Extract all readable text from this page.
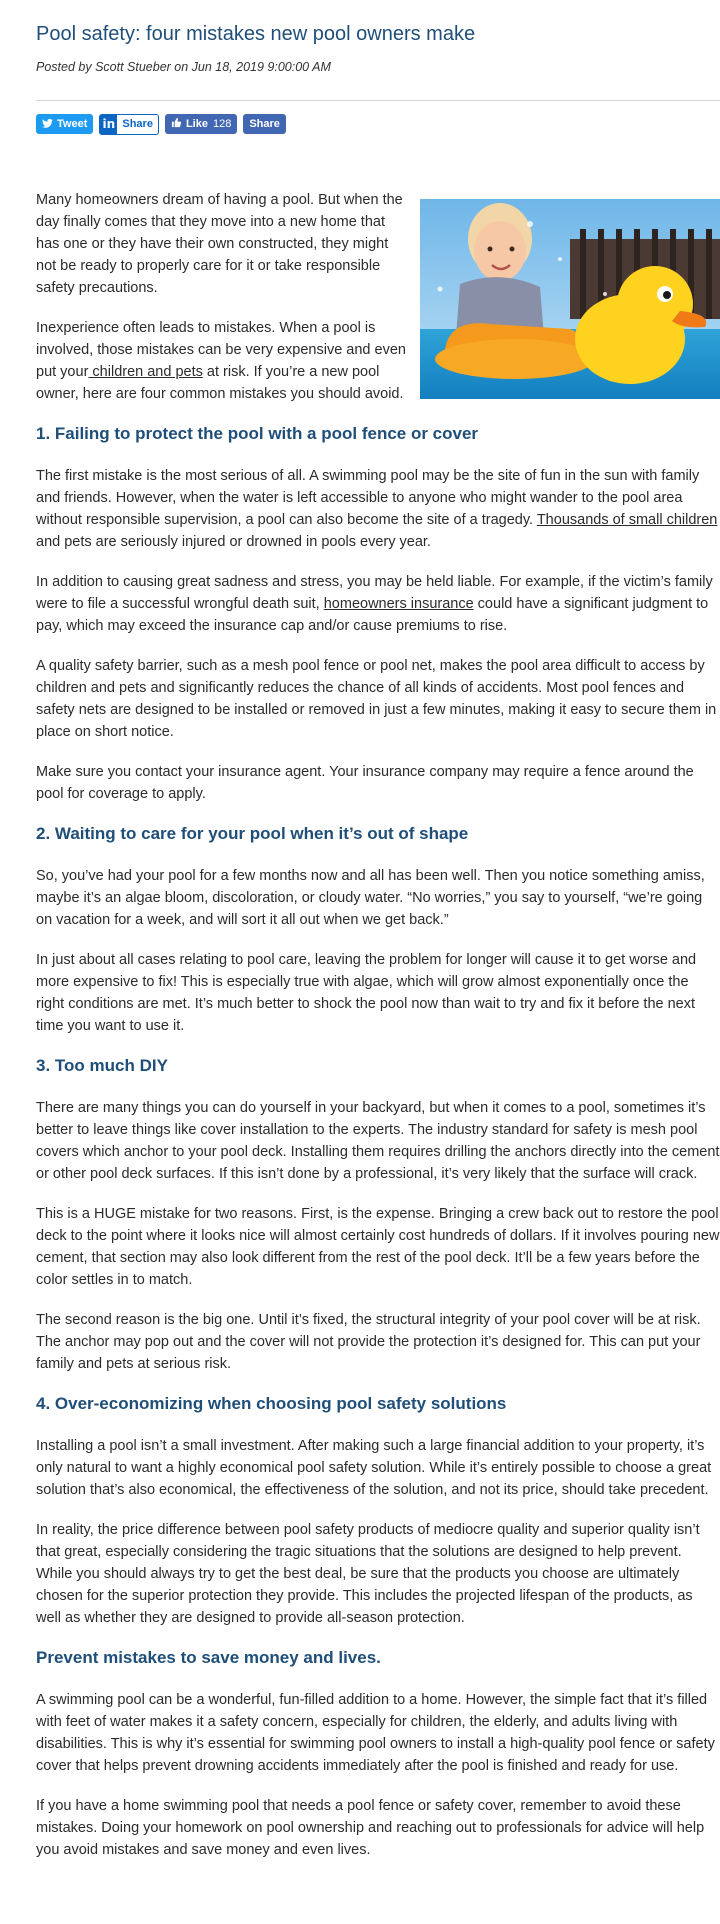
Pool safety: four mistakes new pool owners make

Posted by Scott Stueber on Jun 18, 2019 9:00:00 AM

Tweet in Share	Like 128 Share

Many homeowners dream of having a pool. But when the day finally comes that they move into a new home that has one or they have their own constructed, they might not be ready to properly care for it or take responsible safety precautions.

Inexperience often leads to mistakes. When a pool is involved, those mistakes can be very expensive and even put your children and pets at risk. If you’re a new pool owner, here are four common mistakes you should avoid.

1. Failing to protect the pool with a pool fence or cover

The first mistake is the most serious of all. A swimming pool may be the site of fun in the sun with family and friends. However, when the water is left accessible to anyone who might wander to the pool area without responsible supervision, a pool can also become the site of a tragedy. Thousands of small children and pets are seriously injured or drowned in pools every year.

In addition to causing great sadness and stress, you may be held liable. For example, if the victim’s family were to file a successful wrongful death suit, homeowners insurance could have a significant judgment to pay, which may exceed the insurance cap and/or cause premiums to rise.

A quality safety barrier, such as a mesh pool fence or pool net, makes the pool area difficult to access by children and pets and significantly reduces the chance of all kinds of accidents. Most pool fences and safety nets are designed to be installed or removed in just a few minutes, making it easy to secure them in place on short notice.

Make sure you contact your insurance agent. Your insurance company may require a fence around the pool for coverage to apply.

2. Waiting to care for your pool when it’s out of shape

So, you’ve had your pool for a few months now and all has been well. Then you notice something amiss, maybe it’s an algae bloom, discoloration, or cloudy water. “No worries,” you say to yourself, “we’re going on vacation for a week, and will sort it all out when we get back.”

In just about all cases relating to pool care, leaving the problem for longer will cause it to get worse and more expensive to fix! This is especially true with algae, which will grow almost exponentially once the right conditions are met. It’s much better to shock the pool now than wait to try and fix it before the next time you want to use it.

3. Too much DIY

There are many things you can do yourself in your backyard, but when it comes to a pool, sometimes it’s better to leave things like cover installation to the experts. The industry standard for safety is mesh pool covers which anchor to your pool deck. Installing them requires drilling the anchors directly into the cement or other pool deck surfaces. If this isn’t done by a professional, it’s very likely that the surface will crack.

This is a HUGE mistake for two reasons. First, is the expense. Bringing a crew back out to restore the pool deck to the point where it looks nice will almost certainly cost hundreds of dollars. If it involves pouring new cement, that section may also look different from the rest of the pool deck. It’ll be a few years before the color settles in to match.

The second reason is the big one. Until it’s fixed, the structural integrity of your pool cover will be at risk. The anchor may pop out and the cover will not provide the protection it’s designed for. This can put your family and pets at serious risk.

4. Over-economizing when choosing pool safety solutions

Installing a pool isn’t a small investment. After making such a large financial addition to your property, it’s only natural to want a highly economical pool safety solution. While it’s entirely possible to choose a great solution that’s also economical, the effectiveness of the solution, and not its price, should take precedent.

In reality, the price difference between pool safety products of mediocre quality and superior quality isn’t that great, especially considering the tragic situations that the solutions are designed to help prevent. While you should always try to get the best deal, be sure that the products you choose are ultimately chosen for the superior protection they provide. This includes the projected lifespan of the products, as well as whether they are designed to provide all-season protection.

Prevent mistakes to save money and lives.

A swimming pool can be a wonderful, fun-filled addition to a home. However, the simple fact that it’s filled with feet of water makes it a safety concern, especially for children, the elderly, and adults living with disabilities. This is why it’s essential for swimming pool owners to install a high-quality pool fence or safety cover that helps prevent drowning accidents immediately after the pool is finished and ready for use.

If you have a home swimming pool that needs a pool fence or safety cover, remember to avoid these mistakes. Doing your homework on pool ownership and reaching out to professionals for advice will help you avoid mistakes and save money and even lives.
